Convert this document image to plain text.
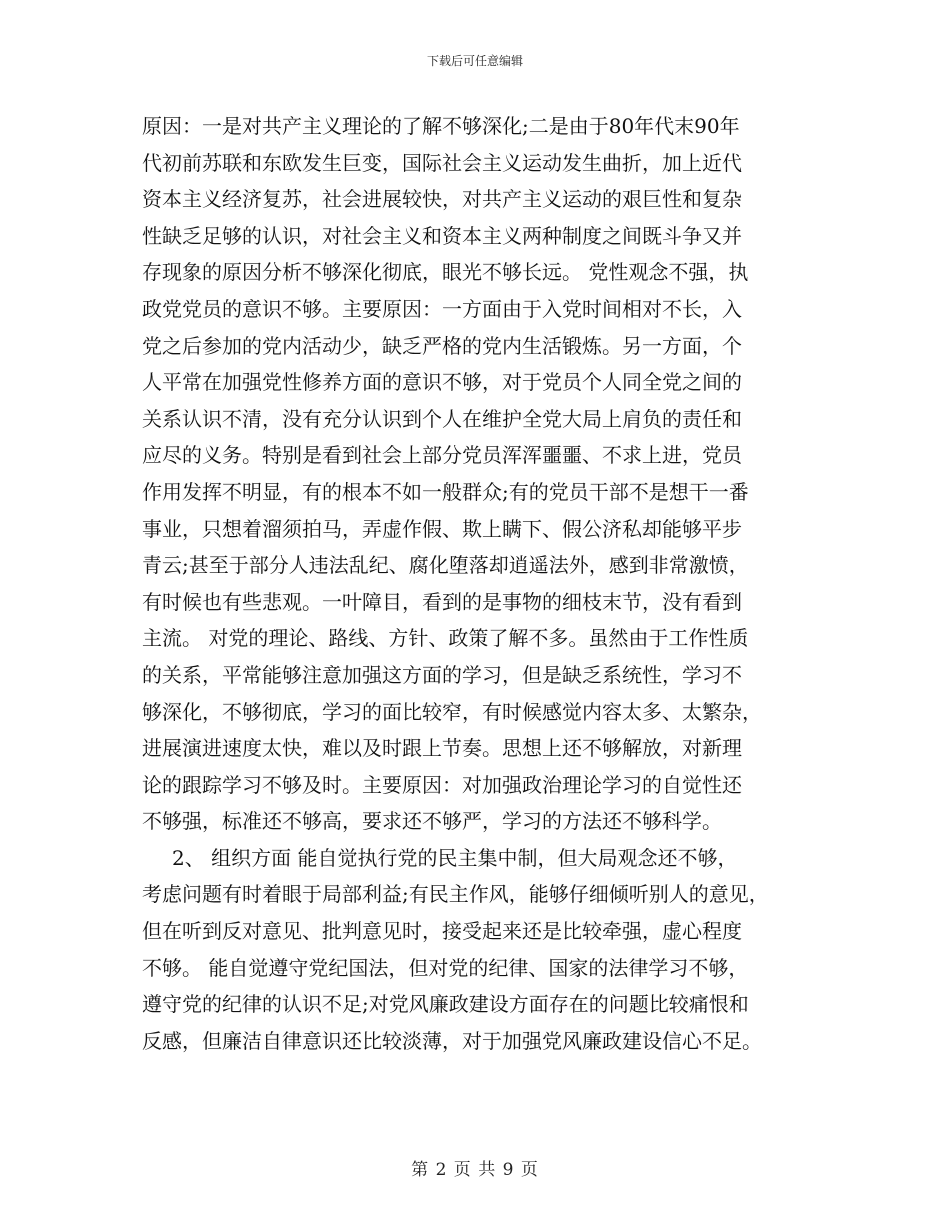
下载后可任意编辑
原因：一是对共产主义理论的了解不够深化;二是由于80年代末90年
代初前苏联和东欧发生巨变，国际社会主义运动发生曲折，加上近代
资本主义经济复苏，社会进展较快，对共产主义运动的艰巨性和复杂
性缺乏足够的认识，对社会主义和资本主义两种制度之间既斗争又并
存现象的原因分析不够深化彻底，眼光不够长远。 党性观念不强，执
政党党员的意识不够。主要原因：一方面由于入党时间相对不长，入
党之后参加的党内活动少，缺乏严格的党内生活锻炼。另一方面，个
人平常在加强党性修养方面的意识不够，对于党员个人同全党之间的
关系认识不清，没有充分认识到个人在维护全党大局上肩负的责任和
应尽的义务。特别是看到社会上部分党员浑浑噩噩、不求上进，党员
作用发挥不明显，有的根本不如一般群众;有的党员干部不是想干一番
事业，只想着溜须拍马，弄虚作假、欺上瞒下、假公济私却能够平步
青云;甚至于部分人违法乱纪、腐化堕落却逍遥法外，感到非常激愤，
有时候也有些悲观。一叶障目，看到的是事物的细枝末节，没有看到
主流。 对党的理论、路线、方针、政策了解不多。虽然由于工作性质
的关系，平常能够注意加强这方面的学习，但是缺乏系统性，学习不
够深化，不够彻底，学习的面比较窄，有时候感觉内容太多、太繁杂，
进展演进速度太快，难以及时跟上节奏。思想上还不够解放，对新理
论的跟踪学习不够及时。主要原因：对加强政治理论学习的自觉性还
不够强，标准还不够高，要求还不够严，学习的方法还不够科学。
2、 组织方面 能自觉执行党的民主集中制，但大局观念还不够，
考虑问题有时着眼于局部利益;有民主作风，能够仔细倾听别人的意见，
但在听到反对意见、批判意见时，接受起来还是比较牵强，虚心程度
不够。 能自觉遵守党纪国法，但对党的纪律、国家的法律学习不够，
遵守党的纪律的认识不足;对党风廉政建设方面存在的问题比较痛恨和
反感，但廉洁自律意识还比较淡薄，对于加强党风廉政建设信心不足。
第 2 页 共 9 页
